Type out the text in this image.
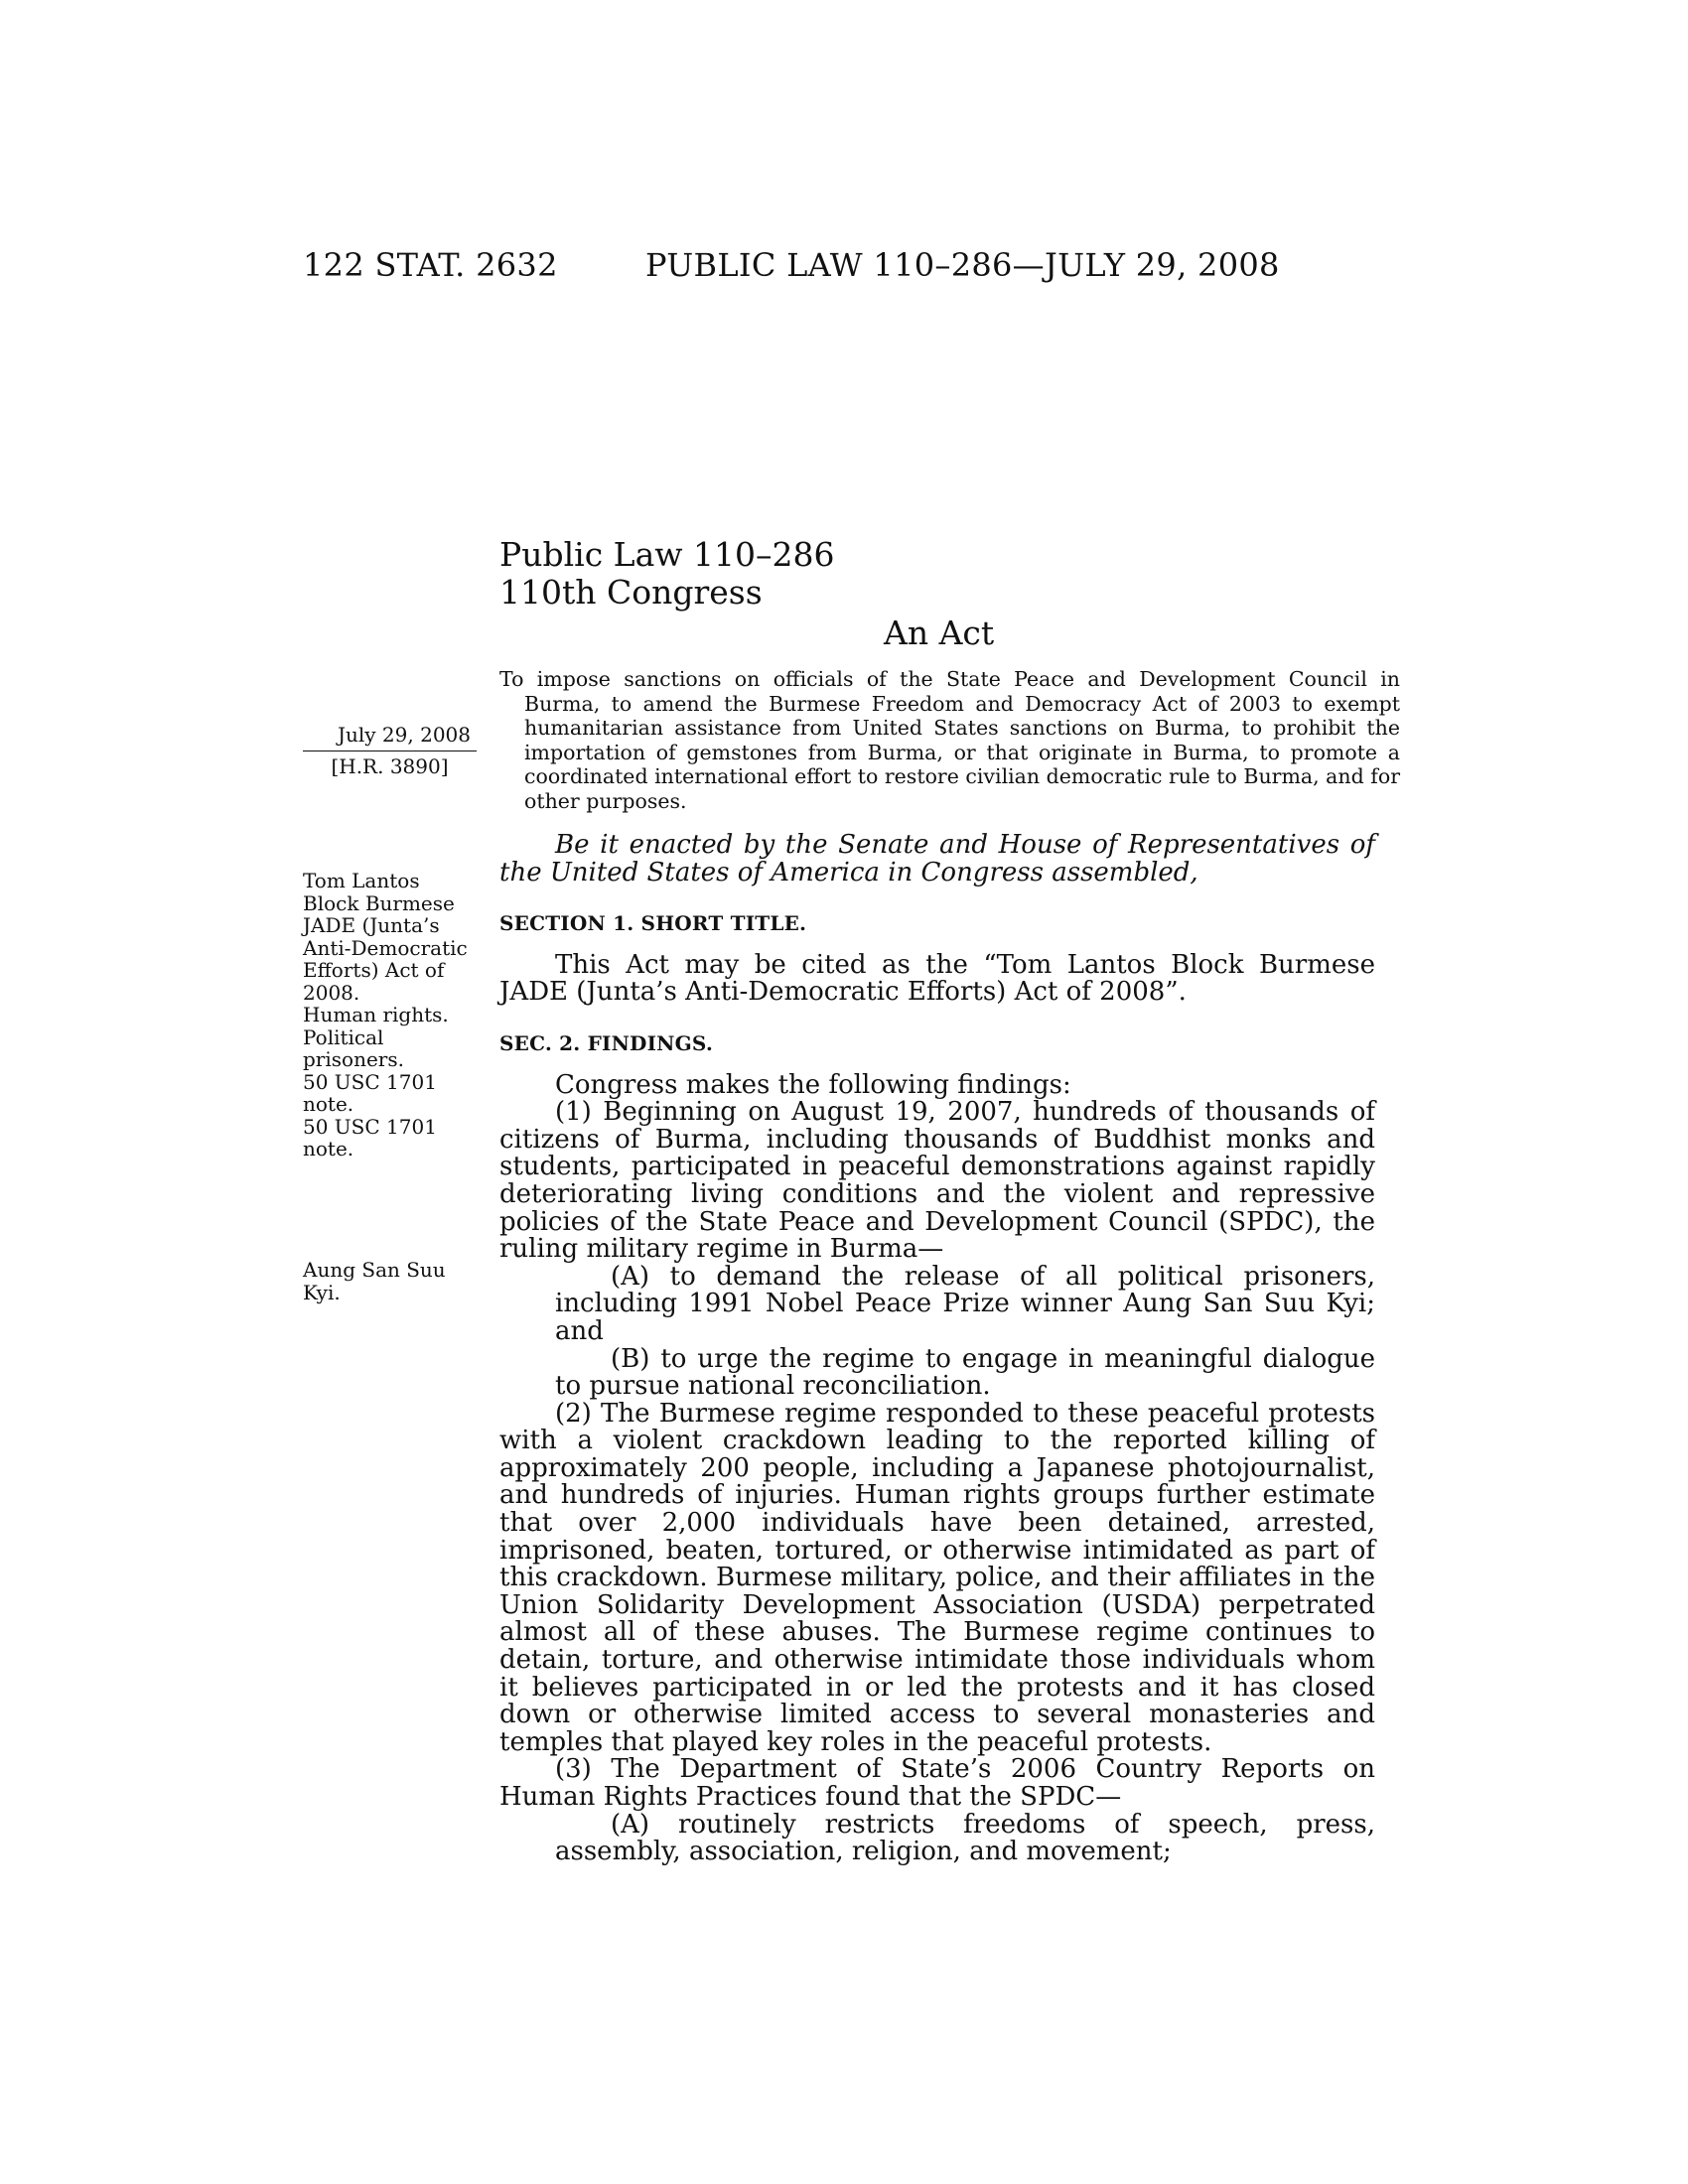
122 STAT. 2632	PUBLIC LAW 110–286—JULY 29, 2008
Public Law 110–286
110th Congress
An Act
To impose sanctions on officials of the State Peace and Development Council in Burma, to amend the Burmese Freedom and Democracy Act of 2003 to exempt humanitarian assistance from United States sanctions on Burma, to prohibit the importation of gemstones from Burma, or that originate in Burma, to promote a coordinated international effort to restore civilian democratic rule to Burma, and for other purposes.
July 29, 2008
[H.R. 3890]
Tom Lantos
Block Burmese
JADE (Junta’s
Anti-Democratic
Efforts) Act of
2008.
Human rights.
Political
prisoners.
50 USC 1701
note.
50 USC 1701
note.
Aung San Suu
Kyi.

Be it enacted by the Senate and House of Representatives of the United States of America in Congress assembled,

SECTION 1. SHORT TITLE.

This Act may be cited as the “Tom Lantos Block Burmese JADE (Junta’s Anti-Democratic Efforts) Act of 2008”.

SEC. 2. FINDINGS.

Congress makes the following findings:

(1) Beginning on August 19, 2007, hundreds of thousands of citizens of Burma, including thousands of Buddhist monks and students, participated in peaceful demonstrations against rapidly deteriorating living conditions and the violent and repressive policies of the State Peace and Development Council (SPDC), the ruling military regime in Burma—

(A) to demand the release of all political prisoners, including 1991 Nobel Peace Prize winner Aung San Suu Kyi; and

(B) to urge the regime to engage in meaningful dialogue to pursue national reconciliation.

(2) The Burmese regime responded to these peaceful protests with a violent crackdown leading to the reported killing of approximately 200 people, including a Japanese photojournalist, and hundreds of injuries. Human rights groups further estimate that over 2,000 individuals have been detained, arrested, imprisoned, beaten, tortured, or otherwise intimidated as part of this crackdown. Burmese military, police, and their affiliates in the Union Solidarity Development Association (USDA) perpetrated almost all of these abuses. The Burmese regime continues to detain, torture, and otherwise intimidate those individuals whom it believes participated in or led the protests and it has closed down or otherwise limited access to several monasteries and temples that played key roles in the peaceful protests.

(3) The Department of State’s 2006 Country Reports on Human Rights Practices found that the SPDC—

(A) routinely restricts freedoms of speech, press, assembly, association, religion, and movement;
